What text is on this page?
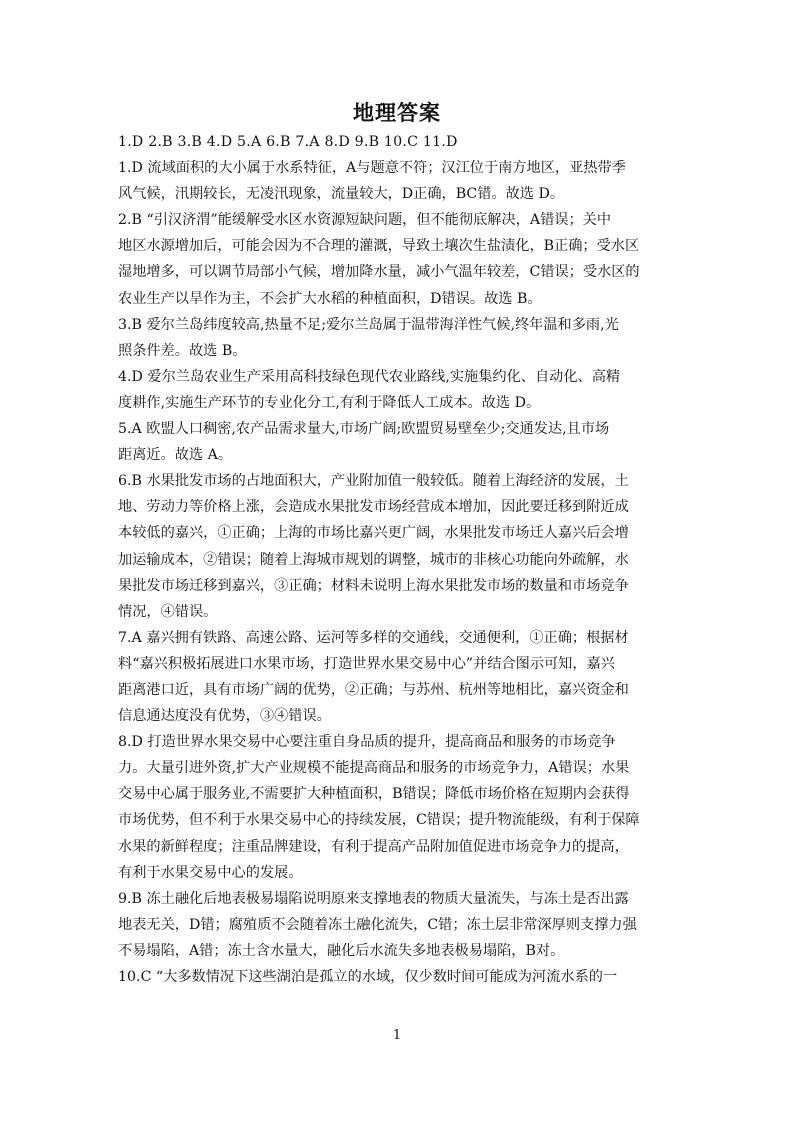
地理答案
1.D 2.B 3.B 4.D 5.A 6.B 7.A 8.D 9.B 10.C 11.D
1.D 流域面积的大小属于水系特征，A与题意不符；汉江位于南方地区，亚热带季
风气候，汛期较长，无凌汛现象，流量较大，D正确，BC错。故选 D。
2.B “引汉济渭”能缓解受水区水资源短缺问题，但不能彻底解决，A错误；关中
地区水源增加后，可能会因为不合理的灌溉，导致土壤次生盐渍化，B正确；受水区
湿地增多，可以调节局部小气候，增加降水量，减小气温年较差，C错误；受水区的
农业生产以旱作为主，不会扩大水稻的种植面积，D错误。故选 B。
3.B 爱尔兰岛纬度较高,热量不足;爱尔兰岛属于温带海洋性气候,终年温和多雨,光
照条件差。故选 B。
4.D 爱尔兰岛农业生产采用高科技绿色现代农业路线,实施集约化、自动化、高精
度耕作,实施生产环节的专业化分工,有利于降低人工成本。故选 D。
5.A 欧盟人口稠密,农产品需求量大,市场广阔;欧盟贸易壁垒少;交通发达,且市场
距离近。故选 A。
6.B 水果批发市场的占地面积大，产业附加值一般较低。随着上海经济的发展，土
地、劳动力等价格上涨，会造成水果批发市场经营成本增加，因此要迁移到附近成
本较低的嘉兴，①正确；上海的市场比嘉兴更广阔，水果批发市场迁人嘉兴后会增
加运输成本，②错误；随着上海城市规划的调整，城市的非核心功能向外疏解，水
果批发市场迁移到嘉兴，③正确；材料未说明上海水果批发市场的数量和市场竞争
情况，④错误。
7.A 嘉兴拥有铁路、高速公路、运河等多样的交通线，交通便利，①正确；根据材
料“嘉兴积极拓展进口水果市场，打造世界水果交易中心”并结合图示可知，嘉兴
距离港口近，具有市场广阔的优势，②正确；与苏州、杭州等地相比，嘉兴资金和
信息通达度没有优势，③④错误。
8.D 打造世界水果交易中心要注重自身品质的提升，提高商品和服务的市场竞争
力。大量引进外资,扩大产业规模不能提高商品和服务的市场竞争力，A错误；水果
交易中心属于服务业,不需要扩大种植面积，B错误；降低市场价格在短期内会获得
市场优势，但不利于水果交易中心的持续发展，C错误；提升物流能级，有利于保障
水果的新鲜程度；注重品牌建设，有利于提高产品附加值促进市场竞争力的提高，
有利于水果交易中心的发展。
9.B 冻土融化后地表极易塌陷说明原来支撑地表的物质大量流失，与冻土是否出露
地表无关，D错；腐殖质不会随着冻土融化流失，C错；冻土层非常深厚则支撑力强
不易塌陷，A错；冻土含水量大，融化后水流失多地表极易塌陷，B对。
10.C “大多数情况下这些湖泊是孤立的水域，仅少数时间可能成为河流水系的一
1
